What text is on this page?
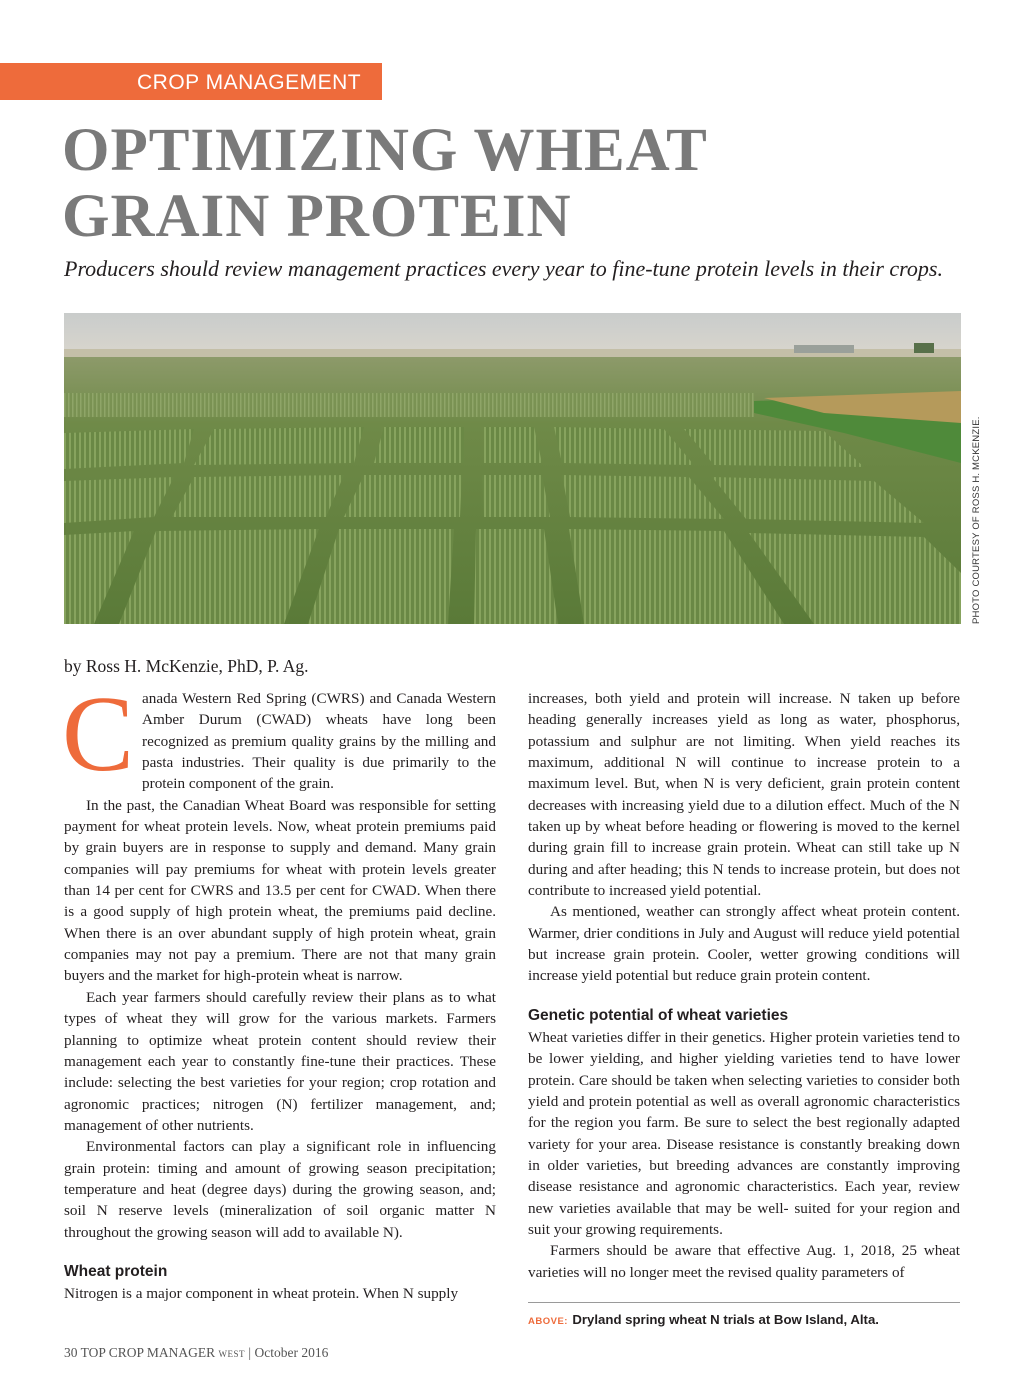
CROP MANAGEMENT
OPTIMIZING WHEAT
GRAIN PROTEIN
Producers should review management practices every year to fine-tune protein levels in their crops.
PHOTO COURTESY OF ROSS H. MCKENZIE.
by Ross H. McKenzie, PhD, P. Ag.

Canada Western Red Spring (CWRS) and Canada Western Amber Durum (CWAD) wheats have long been recognized as premium quality grains by the milling and pasta industries. Their quality is due primarily to the protein component of the grain.

In the past, the Canadian Wheat Board was responsible for setting payment for wheat protein levels. Now, wheat protein premiums paid by grain buyers are in response to supply and demand. Many grain companies will pay premiums for wheat with protein levels greater than 14 per cent for CWRS and 13.5 per cent for CWAD. When there is a good supply of high protein wheat, the premiums paid decline. When there is an over abundant supply of high protein wheat, grain companies may not pay a premium. There are not that many grain buyers and the market for high-protein wheat is narrow.

Each year farmers should carefully review their plans as to what types of wheat they will grow for the various markets. Farmers planning to optimize wheat protein content should review their management each year to constantly fine-tune their practices. These include: selecting the best varieties for your region; crop rotation and agronomic practices; nitrogen (N) fertilizer management, and; management of other nutrients.

Environmental factors can play a significant role in influencing grain protein: timing and amount of growing season precipitation; temperature and heat (degree days) during the growing season, and; soil N reserve levels (mineralization of soil organic matter N throughout the growing season will add to available N).

Wheat protein

Nitrogen is a major component in wheat protein. When N supply

increases, both yield and protein will increase. N taken up before heading generally increases yield as long as water, phosphorus, potassium and sulphur are not limiting. When yield reaches its maximum, additional N will continue to increase protein to a maximum level. But, when N is very deficient, grain protein content decreases with increasing yield due to a dilution effect. Much of the N taken up by wheat before heading or flowering is moved to the kernel during grain fill to increase grain protein. Wheat can still take up N during and after heading; this N tends to increase protein, but does not contribute to increased yield potential.

As mentioned, weather can strongly affect wheat protein content. Warmer, drier conditions in July and August will reduce yield potential but increase grain protein. Cooler, wetter growing conditions will increase yield potential but reduce grain protein content.

Genetic potential of wheat varieties

Wheat varieties differ in their genetics. Higher protein varieties tend to be lower yielding, and higher yielding varieties tend to have lower protein. Care should be taken when selecting varieties to consider both yield and protein potential as well as overall agronomic characteristics for the region you farm. Be sure to select the best regionally adapted variety for your area. Disease resistance is constantly breaking down in older varieties, but breeding advances are constantly improving disease resistance and agronomic characteristics. Each year, review new varieties available that may be well- suited for your region and suit your growing requirements.

Farmers should be aware that effective Aug. 1, 2018, 25 wheat varieties will no longer meet the revised quality parameters of

ABOVE: Dryland spring wheat N trials at Bow Island, Alta.
30 TOP CROP MANAGER WEST | October 2016
